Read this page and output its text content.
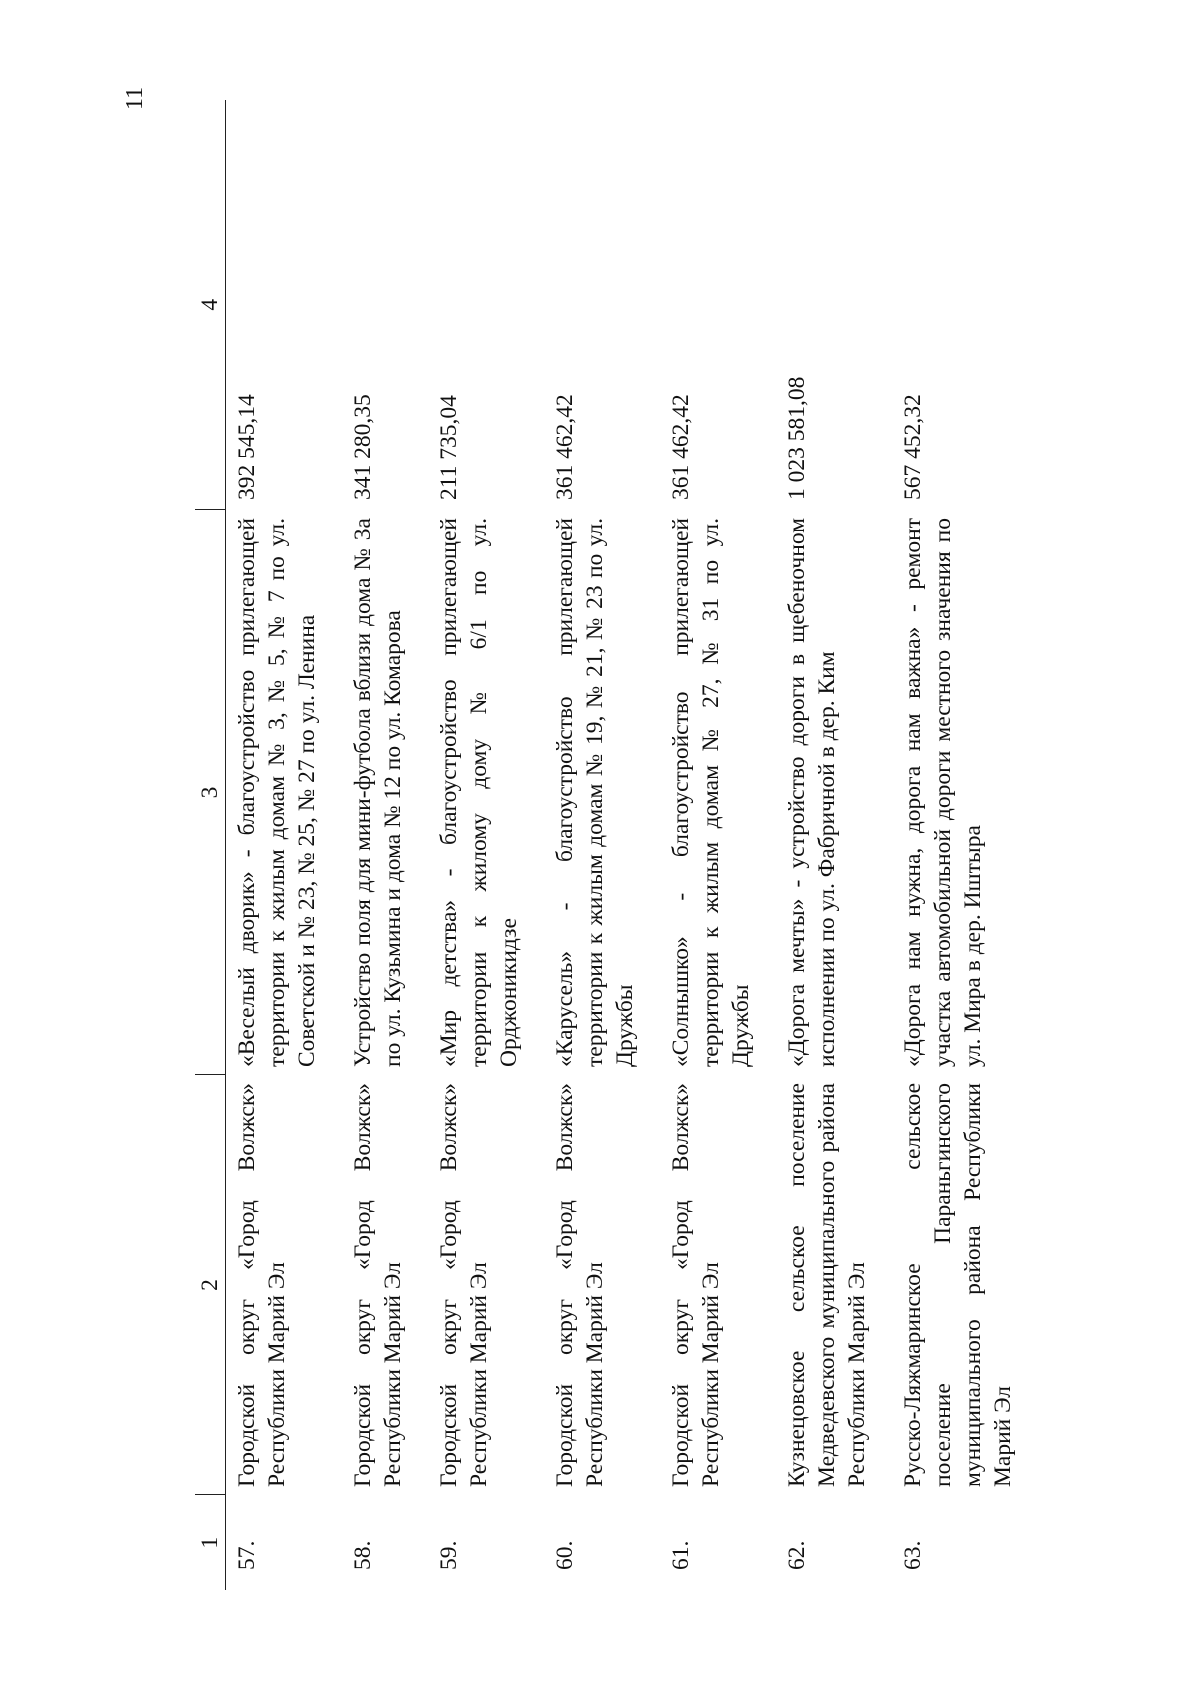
11
1	2	3	4
57.	Городской округ «Город Волжск» Республики Марий Эл	«Веселый дворик» - благоустройство прилегающей территории к жилым домам № 3, № 5, № 7 по ул. Советской и № 23, № 25, № 27 по ул. Ленина	392 545,14
58.	Городской округ «Город Волжск» Республики Марий Эл	Устройство поля для мини-футбола вблизи дома № 3а по ул. Кузьмина и дома № 12 по ул. Комарова	341 280,35
59.	Городской округ «Город Волжск» Республики Марий Эл	«Мир детства» - благоустройство прилегающей территории к жилому дому № 6/1 по ул. Орджоникидзе	211 735,04
60.	Городской округ «Город Волжск» Республики Марий Эл	«Карусель» - благоустройство прилегающей территории к жилым домам № 19, № 21, № 23 по ул. Дружбы	361 462,42
61.	Городской округ «Город Волжск» Республики Марий Эл	«Солнышко» - благоустройство прилегающей территории к жилым домам № 27, № 31 по ул. Дружбы	361 462,42
62.	Кузнецовское сельское поселение Медведевского муниципального района Республики Марий Эл	«Дорога мечты» - устройство дороги в щебеночном исполнении по ул. Фабричной в дер. Ким	1 023 581,08
63.	Русско-Ляжмаринское сельское поселение Параньгинского муниципального района Республики Марий Эл	«Дорога нам нужна, дорога нам важна» - ремонт участка автомобильной дороги местного значения по ул. Мира в дер. Иштыра	567 452,32
